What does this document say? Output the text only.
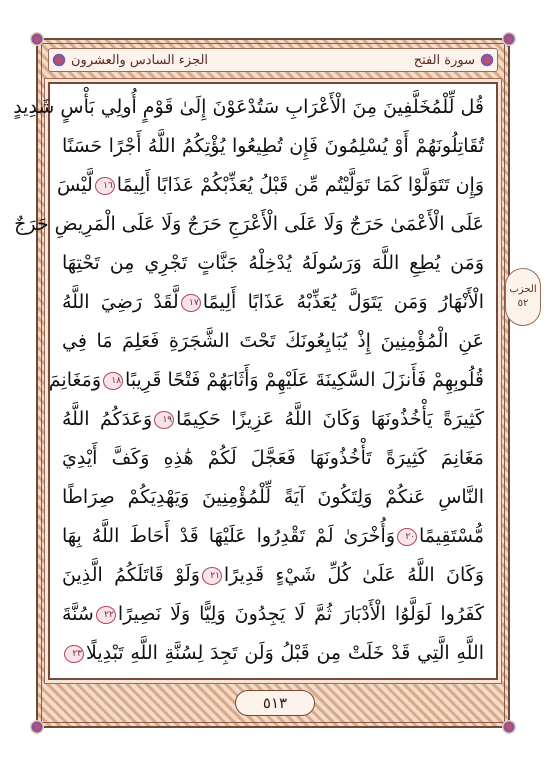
الجزء السادس والعشرون	سورة الفتح
قُل لِّلْمُخَلَّفِينَ مِنَ الْأَعْرَابِ سَتُدْعَوْنَ إِلَىٰ قَوْمٍ أُولِي بَأْسٍ شَدِيدٍ
تُقَاتِلُونَهُمْ أَوْ يُسْلِمُونَ فَإِن تُطِيعُوا يُؤْتِكُمُ اللَّهُ أَجْرًا حَسَنًا
وَإِن تَتَوَلَّوْا كَمَا تَوَلَّيْتُم مِّن قَبْلُ يُعَذِّبْكُمْ عَذَابًا أَلِيمًا١٦لَّيْسَ
عَلَى الْأَعْمَىٰ حَرَجٌ وَلَا عَلَى الْأَعْرَجِ حَرَجٌ وَلَا عَلَى الْمَرِيضِ حَرَجٌ
وَمَن يُطِعِ اللَّهَ وَرَسُولَهُ يُدْخِلْهُ جَنَّاتٍ تَجْرِي مِن تَحْتِهَا
الْأَنْهَارُ وَمَن يَتَوَلَّ يُعَذِّبْهُ عَذَابًا أَلِيمًا١٧لَّقَدْ رَضِيَ اللَّهُ
عَنِ الْمُؤْمِنِينَ إِذْ يُبَايِعُونَكَ تَحْتَ الشَّجَرَةِ فَعَلِمَ مَا فِي
قُلُوبِهِمْ فَأَنزَلَ السَّكِينَةَ عَلَيْهِمْ وَأَثَابَهُمْ فَتْحًا قَرِيبًا١٨وَمَغَانِمَ
كَثِيرَةً يَأْخُذُونَهَا وَكَانَ اللَّهُ عَزِيزًا حَكِيمًا١٩وَعَدَكُمُ اللَّهُ
مَغَانِمَ كَثِيرَةً تَأْخُذُونَهَا فَعَجَّلَ لَكُمْ هَٰذِهِ وَكَفَّ أَيْدِيَ
النَّاسِ عَنكُمْ وَلِتَكُونَ آيَةً لِّلْمُؤْمِنِينَ وَيَهْدِيَكُمْ صِرَاطًا
مُّسْتَقِيمًا٢٠وَأُخْرَىٰ لَمْ تَقْدِرُوا عَلَيْهَا قَدْ أَحَاطَ اللَّهُ بِهَا
وَكَانَ اللَّهُ عَلَىٰ كُلِّ شَيْءٍ قَدِيرًا٢١وَلَوْ قَاتَلَكُمُ الَّذِينَ
كَفَرُوا لَوَلَّوُا الْأَدْبَارَ ثُمَّ لَا يَجِدُونَ وَلِيًّا وَلَا نَصِيرًا٢٢سُنَّةَ
اللَّهِ الَّتِي قَدْ خَلَتْ مِن قَبْلُ وَلَن تَجِدَ لِسُنَّةِ اللَّهِ تَبْدِيلًا٢٣
الحزب
٥٢
٥١٣
